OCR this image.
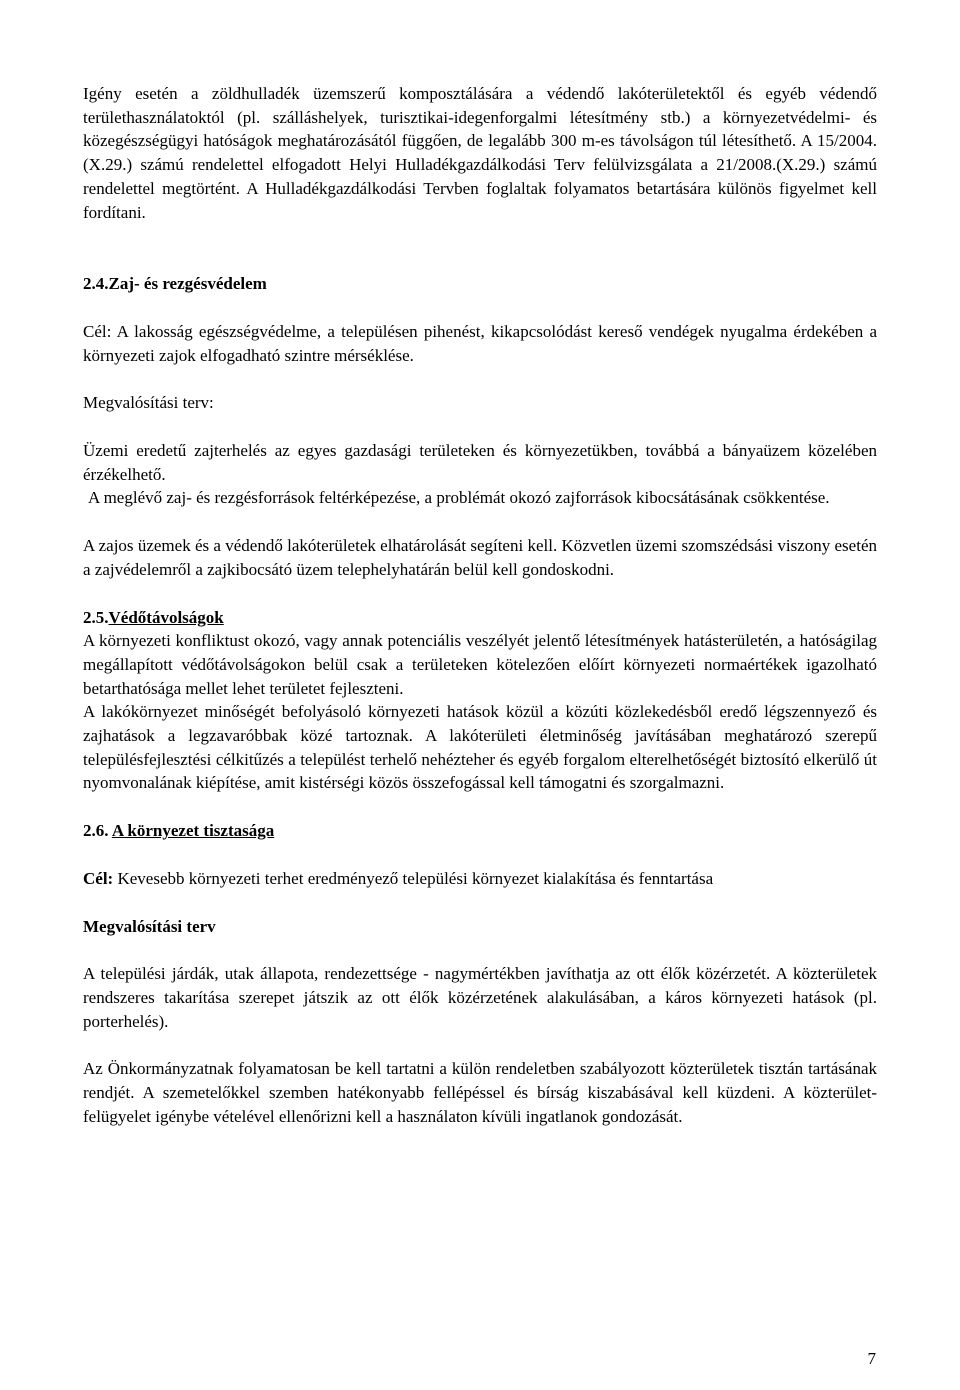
Igény esetén a zöldhulladék üzemszerű komposztálására a védendő lakóterületektől és egyéb védendő területhasználatoktól (pl. szálláshelyek, turisztikai-idegenforgalmi létesítmény stb.) a környezetvédelmi- és közegészségügyi hatóságok meghatározásától függően, de legalább 300 m-es távolságon túl létesíthető. A 15/2004.(X.29.) számú rendelettel elfogadott Helyi Hulladékgazdálkodási Terv felülvizsgálata a 21/2008.(X.29.) számú rendelettel megtörtént. A Hulladékgazdálkodási Tervben foglaltak folyamatos betartására különös figyelmet kell fordítani.

2.4.Zaj- és rezgésvédelem

Cél: A lakosság egészségvédelme, a településen pihenést, kikapcsolódást kereső vendégek nyugalma érdekében a környezeti zajok elfogadható szintre mérséklése.

Megvalósítási terv:

Üzemi eredetű zajterhelés az egyes gazdasági területeken és környezetükben, továbbá a bányaüzem közelében érzékelhető.

A meglévő zaj- és rezgésforrások feltérképezése, a problémát okozó zajforrások kibocsátásának csökkentése.

A zajos üzemek és a védendő lakóterületek elhatárolását segíteni kell. Közvetlen üzemi szomszédsási viszony esetén a zajvédelemről a zajkibocsátó üzem telephelyhatárán belül kell gondoskodni.

2.5.Védőtávolságok

A környezeti konfliktust okozó, vagy annak potenciális veszélyét jelentő létesítmények hatásterületén, a hatóságilag megállapított védőtávolságokon belül csak a területeken kötelezően előírt környezeti normaértékek igazolható betarthatósága mellet lehet területet fejleszteni.

A lakókörnyezet minőségét befolyásoló környezeti hatások közül a közúti közlekedésből eredő légszennyező és zajhatások a legzavaróbbak közé tartoznak. A lakóterületi életminőség javításában meghatározó szerepű településfejlesztési célkitűzés a települést terhelő nehézteher és egyéb forgalom elterelhetőségét biztosító elkerülő út nyomvonalának kiépítése, amit kistérségi közös összefogással kell támogatni és szorgalmazni.

2.6. A környezet tisztasága

Cél: Kevesebb környezeti terhet eredményező települési környezet kialakítása és fenntartása

Megvalósítási terv

A települési járdák, utak állapota, rendezettsége - nagymértékben javíthatja az ott élők közérzetét. A közterületek rendszeres takarítása szerepet játszik az ott élők közérzetének alakulásában, a káros környezeti hatások (pl. porterhelés).

Az Önkormányzatnak folyamatosan be kell tartatni a külön rendeletben szabályozott közterületek tisztán tartásának rendjét. A szemetelőkkel szemben hatékonyabb fellépéssel és bírság kiszabásával kell küzdeni. A közterület-felügyelet igénybe vételével ellenőrizni kell a használaton kívüli ingatlanok gondozását.

7
